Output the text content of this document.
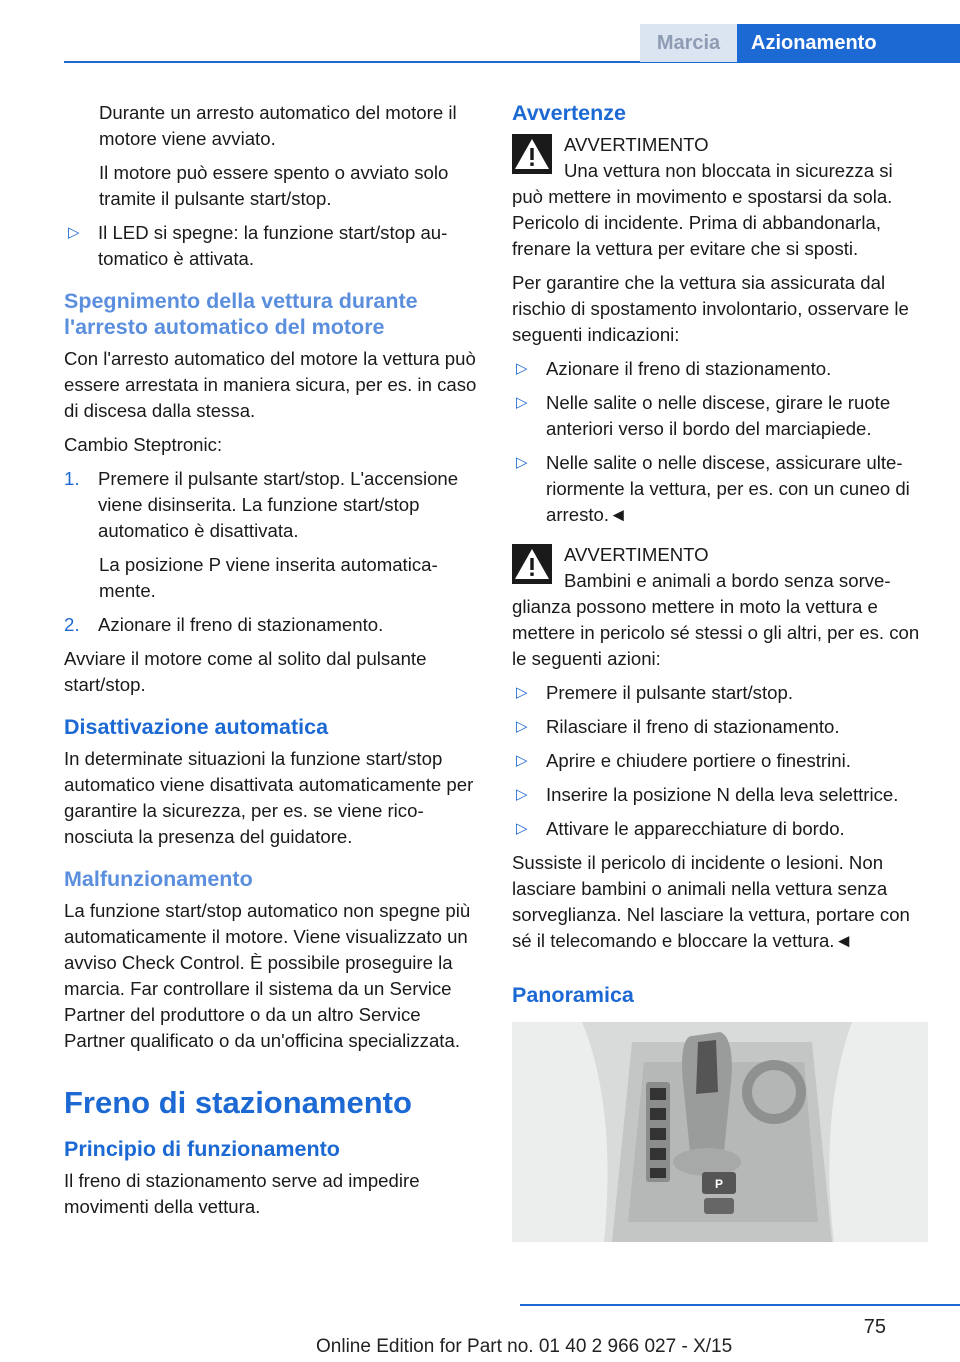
Marcia	Azionamento

Durante un arresto automatico del motore il motore viene avviato.

Il motore può essere spento o avviato solo tramite il pulsante start/stop.

▷ Il LED si spegne: la funzione start/stop automatico è attivata.
Spegnimento della vettura durante l'arresto automatico del motore

Con l'arresto automatico del motore la vettura può essere arrestata in maniera sicura, per es. in caso di discesa dalla stessa.

Cambio Steptronic:

1. Premere il pulsante start/stop. L'accensione viene disinserita. La funzione start/stop automatico è disattivata.

La posizione P viene inserita automaticamente.

2. Azionare il freno di stazionamento.

Avviare il motore come al solito dal pulsante start/stop.

Disattivazione automatica

In determinate situazioni la funzione start/stop automatico viene disattivata automaticamente per garantire la sicurezza, per es. se viene riconosciuta la presenza del guidatore.

Malfunzionamento

La funzione start/stop automatico non spegne più automaticamente il motore. Viene visualizzato un avviso Check Control. È possibile proseguire la marcia. Far controllare il sistema da un Service Partner del produttore o da un altro Service Partner qualificato o da un'officina specializzata.

Freno di stazionamento
Principio di funzionamento

Il freno di stazionamento serve ad impedire movimenti della vettura.

Avvertenze

AVVERTIMENTO

Una vettura non bloccata in sicurezza si può mettere in movimento e spostarsi da sola. Pericolo di incidente. Prima di abbandonarla, frenare la vettura per evitare che si sposti.

Per garantire che la vettura sia assicurata dal rischio di spostamento involontario, osservare le seguenti indicazioni:

▷ Azionare il freno di stazionamento.
▷ Nelle salite o nelle discese, girare le ruote anteriori verso il bordo del marciapiede.
▷ Nelle salite o nelle discese, assicurare ulteriormente la vettura, per es. con un cuneo di arresto.◄

AVVERTIMENTO

Bambini e animali a bordo senza sorveglianza possono mettere in moto la vettura e mettere in pericolo sé stessi o gli altri, per es. con le seguenti azioni:

▷ Premere il pulsante start/stop.
▷ Rilasciare il freno di stazionamento.
▷ Aprire e chiudere portiere o finestrini.
▷ Inserire la posizione N della leva selettrice.
▷ Attivare le apparecchiature di bordo.

Sussiste il pericolo di incidente o lesioni. Non lasciare bambini o animali nella vettura senza sorveglianza. Nel lasciare la vettura, portare con sé il telecomando e bloccare la vettura.◄

Panoramica
P
75
Online Edition for Part no. 01 40 2 966 027 - X/15
